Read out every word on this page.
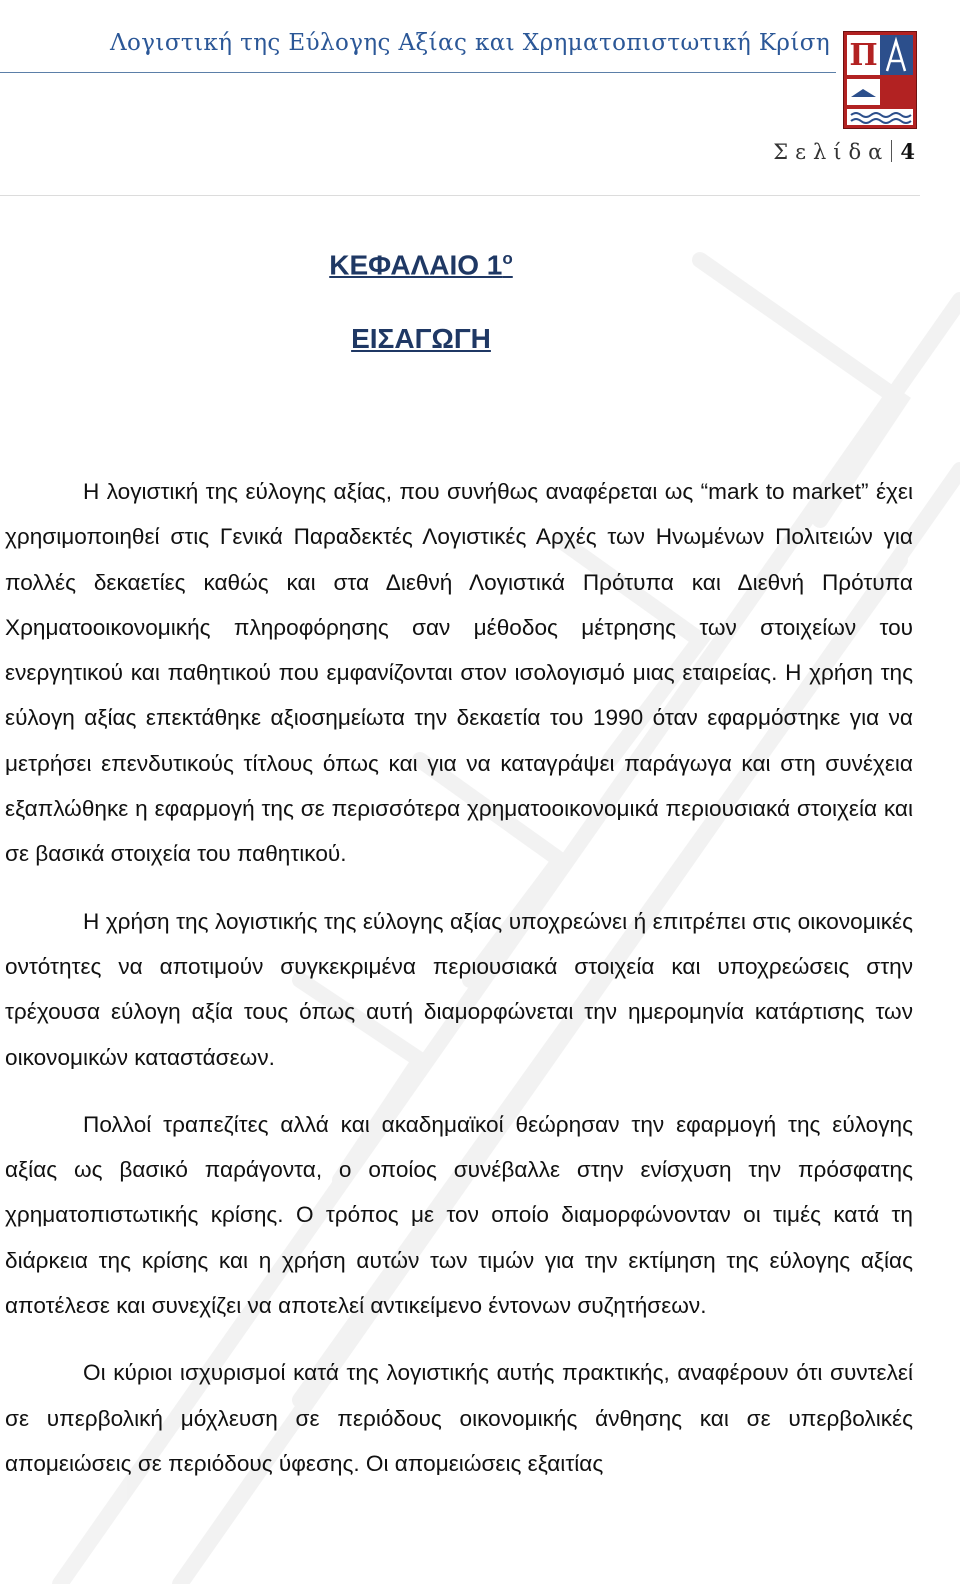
Λογιστική της Εύλογης Αξίας και Χρηματοπιστωτική Κρίση Π
Σελίδα 4
ΚΕΦΑΛΑΙΟ $1^o$
ΕΙΣΑΓΩΓΗ

Η λογιστική της εύλογης αξίας, που συνήθως αναφέρεται ως “mark to market” έχει χρησιμοποιηθεί στις Γενικά Παραδεκτές Λογιστικές Αρχές των Ηνωμένων Πολιτειών για πολλές δεκαετίες καθώς και στα Διεθνή Λογιστικά Πρότυπα και Διεθνή Πρότυπα Χρηματοοικονομικής πληροφόρησης σαν μέθοδος μέτρησης των στοιχείων του ενεργητικού και παθητικού που εμφανίζονται στον ισολογισμό μιας εταιρείας. Η χρήση της εύλογη αξίας επεκτάθηκε αξιοσημείωτα την δεκαετία του 1990 όταν εφαρμόστηκε για να μετρήσει επενδυτικούς τίτλους όπως και για να καταγράψει παράγωγα και στη συνέχεια εξαπλώθηκε η εφαρμογή της σε περισσότερα χρηματοοικονομικά περιουσιακά στοιχεία και σε βασικά στοιχεία του παθητικού.

Η χρήση της λογιστικής της εύλογης αξίας υποχρεώνει ή επιτρέπει στις οικονομικές οντότητες να αποτιμούν συγκεκριμένα περιουσιακά στοιχεία και υποχρεώσεις στην τρέχουσα εύλογη αξία τους όπως αυτή διαμορφώνεται την ημερομηνία κατάρτισης των οικονομικών καταστάσεων.

Πολλοί τραπεζίτες αλλά και ακαδημαϊκοί θεώρησαν την εφαρμογή της εύλογης αξίας ως βασικό παράγοντα, ο οποίος συνέβαλλε στην ενίσχυση την πρόσφατης χρηματοπιστωτικής κρίσης. Ο τρόπος με τον οποίο διαμορφώνονταν οι τιμές κατά τη διάρκεια της κρίσης και η χρήση αυτών των τιμών για την εκτίμηση της εύλογης αξίας αποτέλεσε και συνεχίζει να αποτελεί αντικείμενο έντονων συζητήσεων.

Οι κύριοι ισχυρισμοί κατά της λογιστικής αυτής πρακτικής, αναφέρουν ότι συντελεί σε υπερβολική μόχλευση σε περιόδους οικονομικής άνθησης και σε υπερβολικές απομειώσεις σε περιόδους ύφεσης. Οι απομειώσεις εξαιτίας
